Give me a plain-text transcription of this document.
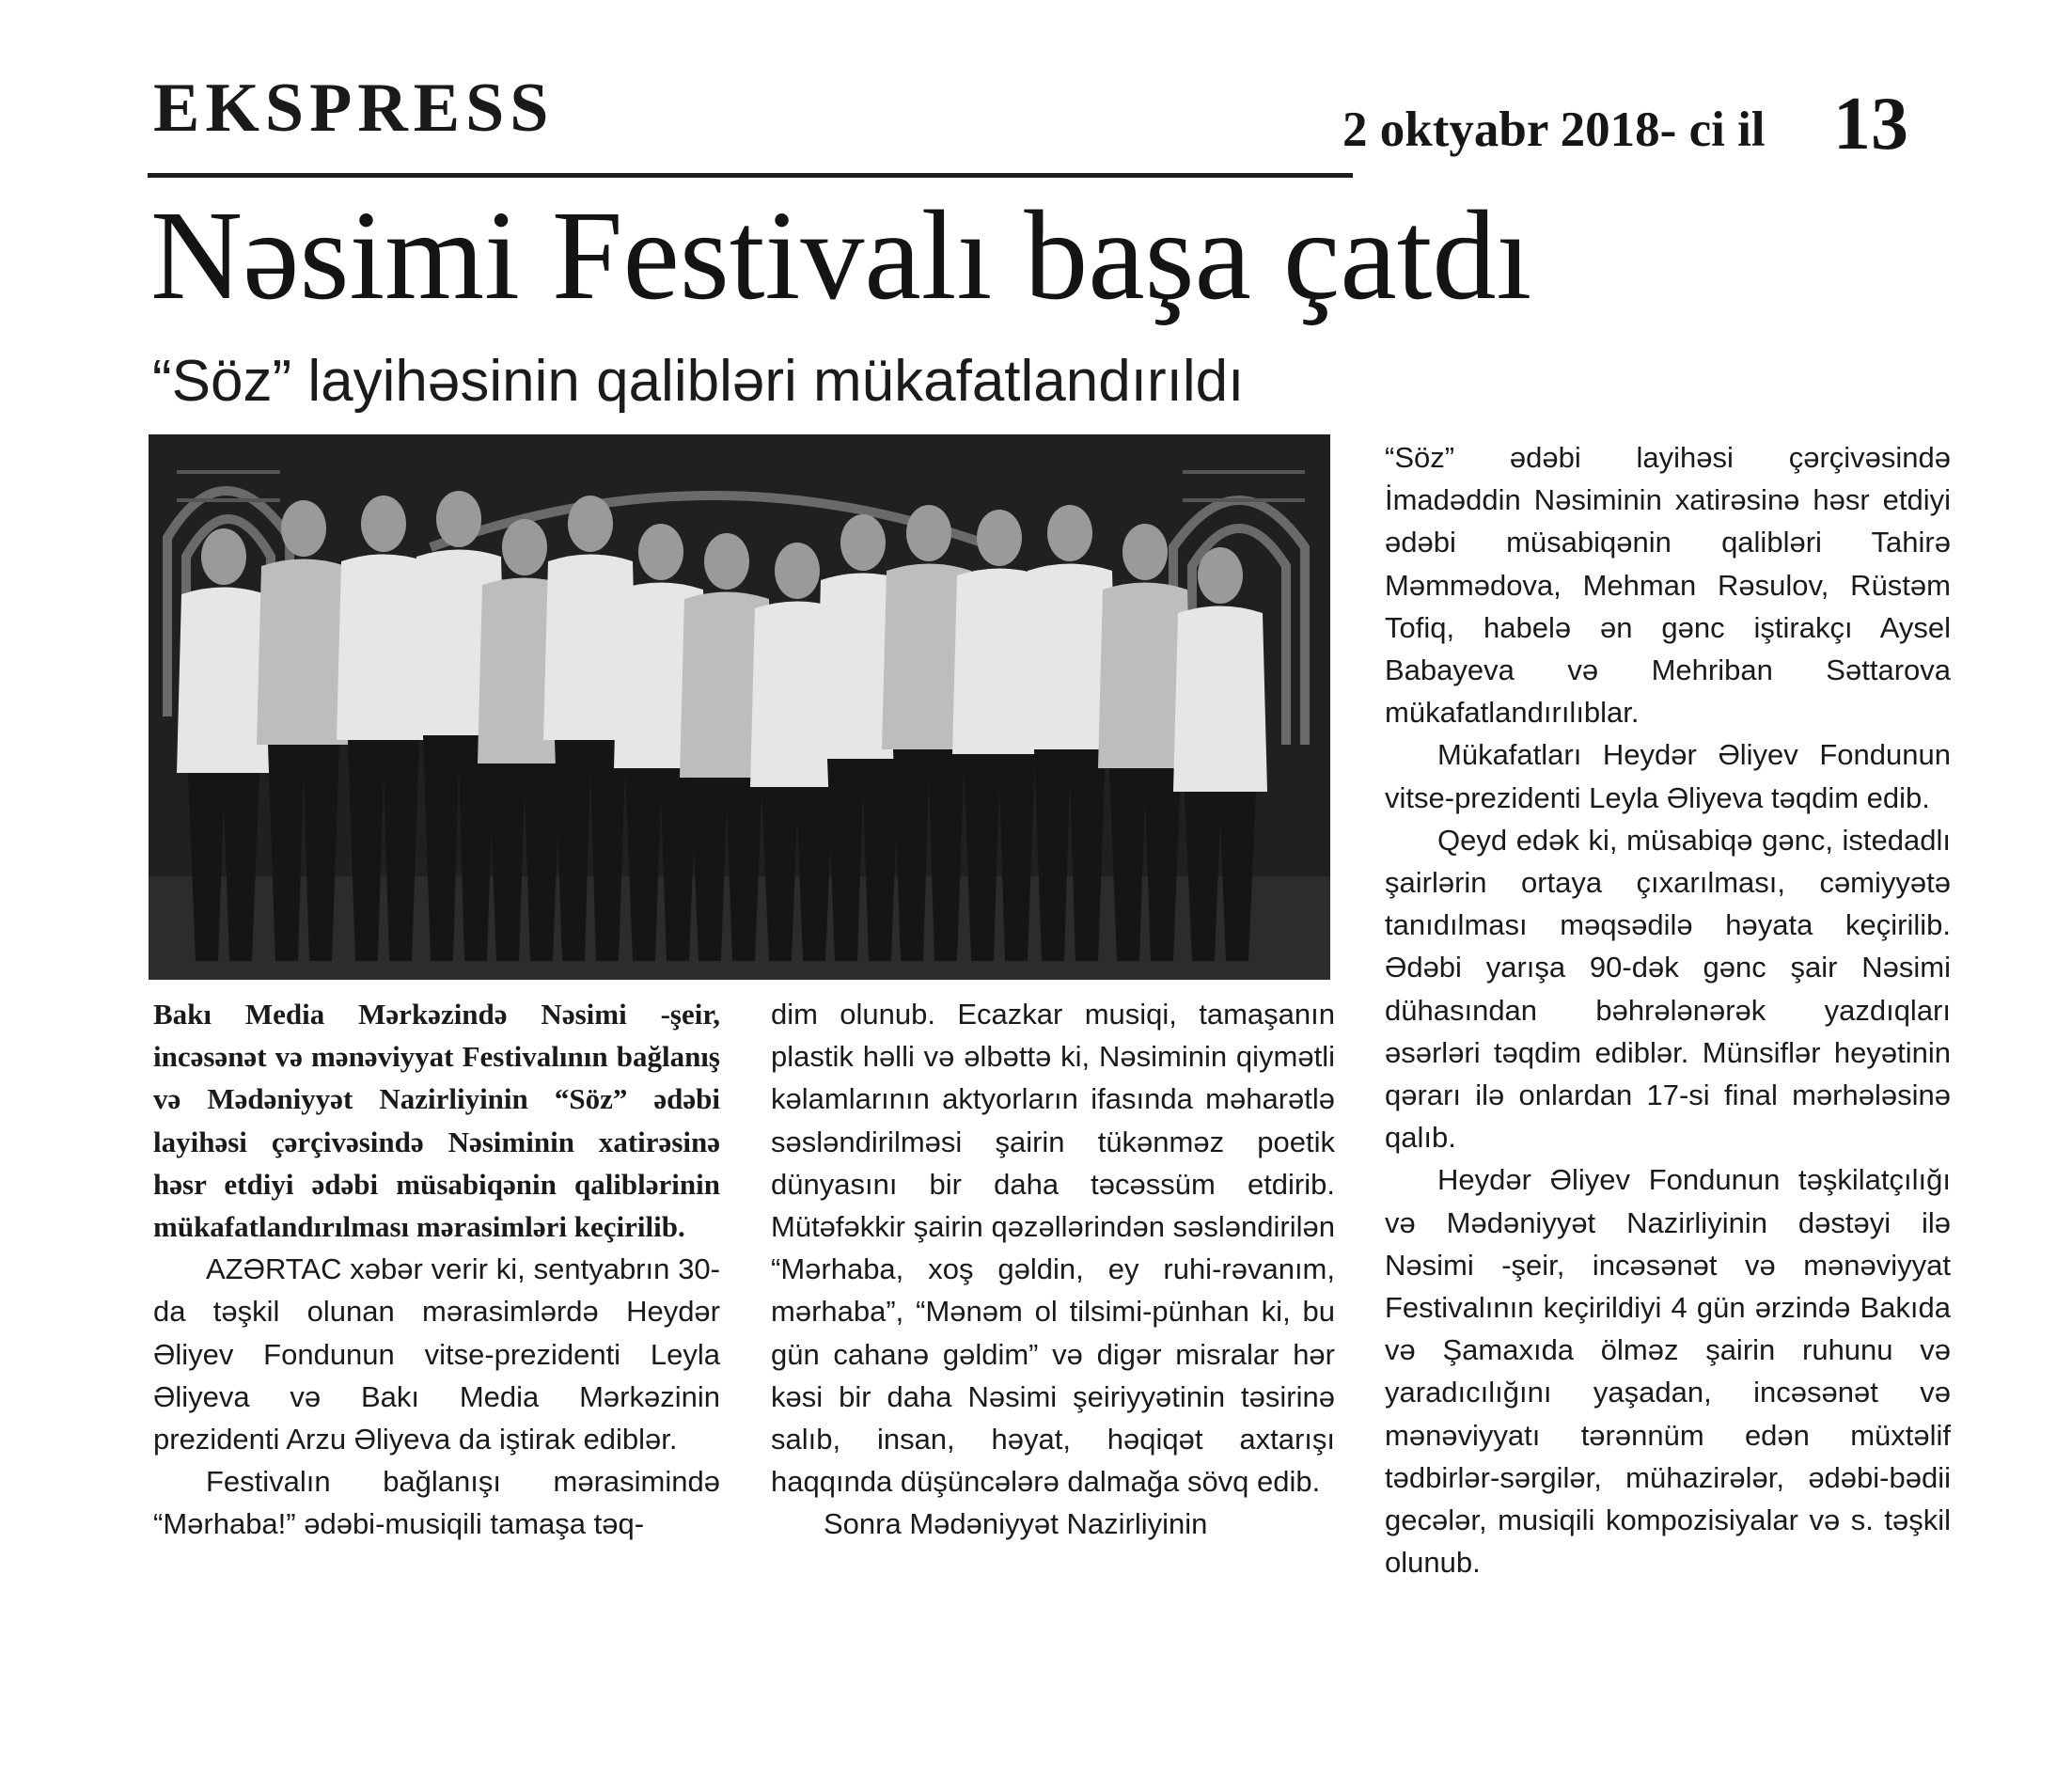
EKSPRESS	2 oktyabr 2018- ci il 13
Nəsimi Festivalı başa çatdı
“Söz” layihəsinin qalibləri mükafatlandırıldı

Bakı Media Mərkəzində Nəsimi -şeir, incəsənət və mənəviyyat Festivalının bağlanış və Mədəniyyət Nazirliyinin “Söz” ədəbi layihəsi çərçivəsində Nəsiminin xatirəsinə həsr etdiyi ədəbi müsabiqənin qaliblərinin mükafatlandırılması mərasimləri keçirilib.

AZƏRTAC xəbər verir ki, sentyabrın 30-da təşkil olunan mərasimlərdə Heydər Əliyev Fondunun vitse-prezidenti Leyla Əliyeva və Bakı Media Mərkəzinin prezidenti Arzu Əliyeva da iştirak ediblər.

Festivalın bağlanışı mərasimində “Mərhaba!” ədəbi-musiqili tamaşa təq-

dim olunub. Ecazkar musiqi, tamaşanın plastik həlli və əlbəttə ki, Nəsiminin qiymətli kəlamlarının aktyorların ifasında məharətlə səsləndirilməsi şairin tükənməz poetik dünyasını bir daha təcəssüm etdirib. Mütəfəkkir şairin qəzəllərindən səsləndirilən “Mərhaba, xoş gəldin, ey ruhi-rəvanım, mərhaba”, “Mənəm ol tilsimi-pünhan ki, bu gün cahanə gəldim” və digər misralar hər kəsi bir daha Nəsimi şeiriyyətinin təsirinə salıb, insan, həyat, həqiqət axtarışı haqqında düşüncələrə dalmağa sövq edib.

Sonra Mədəniyyət Nazirliyinin

“Söz” ədəbi layihəsi çərçivəsində İmadəddin Nəsiminin xatirəsinə həsr etdiyi ədəbi müsabiqənin qalibləri Tahirə Məmmədova, Mehman Rəsulov, Rüstəm Tofiq, habelə ən gənc iştirakçı Aysel Babayeva və Mehriban Səttarova mükafatlandırılıblar.

Mükafatları Heydər Əliyev Fondunun vitse-prezidenti Leyla Əliyeva təqdim edib.

Qeyd edək ki, müsabiqə gənc, istedadlı şairlərin ortaya çıxarılması, cəmiyyətə tanıdılması məqsədilə həyata keçirilib. Ədəbi yarışa 90-dək gənc şair Nəsimi dühasından bəhrələnərək yazdıqları əsərləri təqdim ediblər. Münsiflər heyətinin qərarı ilə onlardan 17-si final mərhələsinə qalıb.

Heydər Əliyev Fondunun təşkilatçılığı və Mədəniyyət Nazirliyinin dəstəyi ilə Nəsimi -şeir, incəsənət və mənəviyyat Festivalının keçirildiyi 4 gün ərzində Bakıda və Şamaxıda ölməz şairin ruhunu və yaradıcılığını yaşadan, incəsənət və mənəviyyatı tərənnüm edən müxtəlif tədbirlər-sərgilər, mühazirələr, ədəbi-bədii gecələr, musiqili kompozisiyalar və s. təşkil olunub.
